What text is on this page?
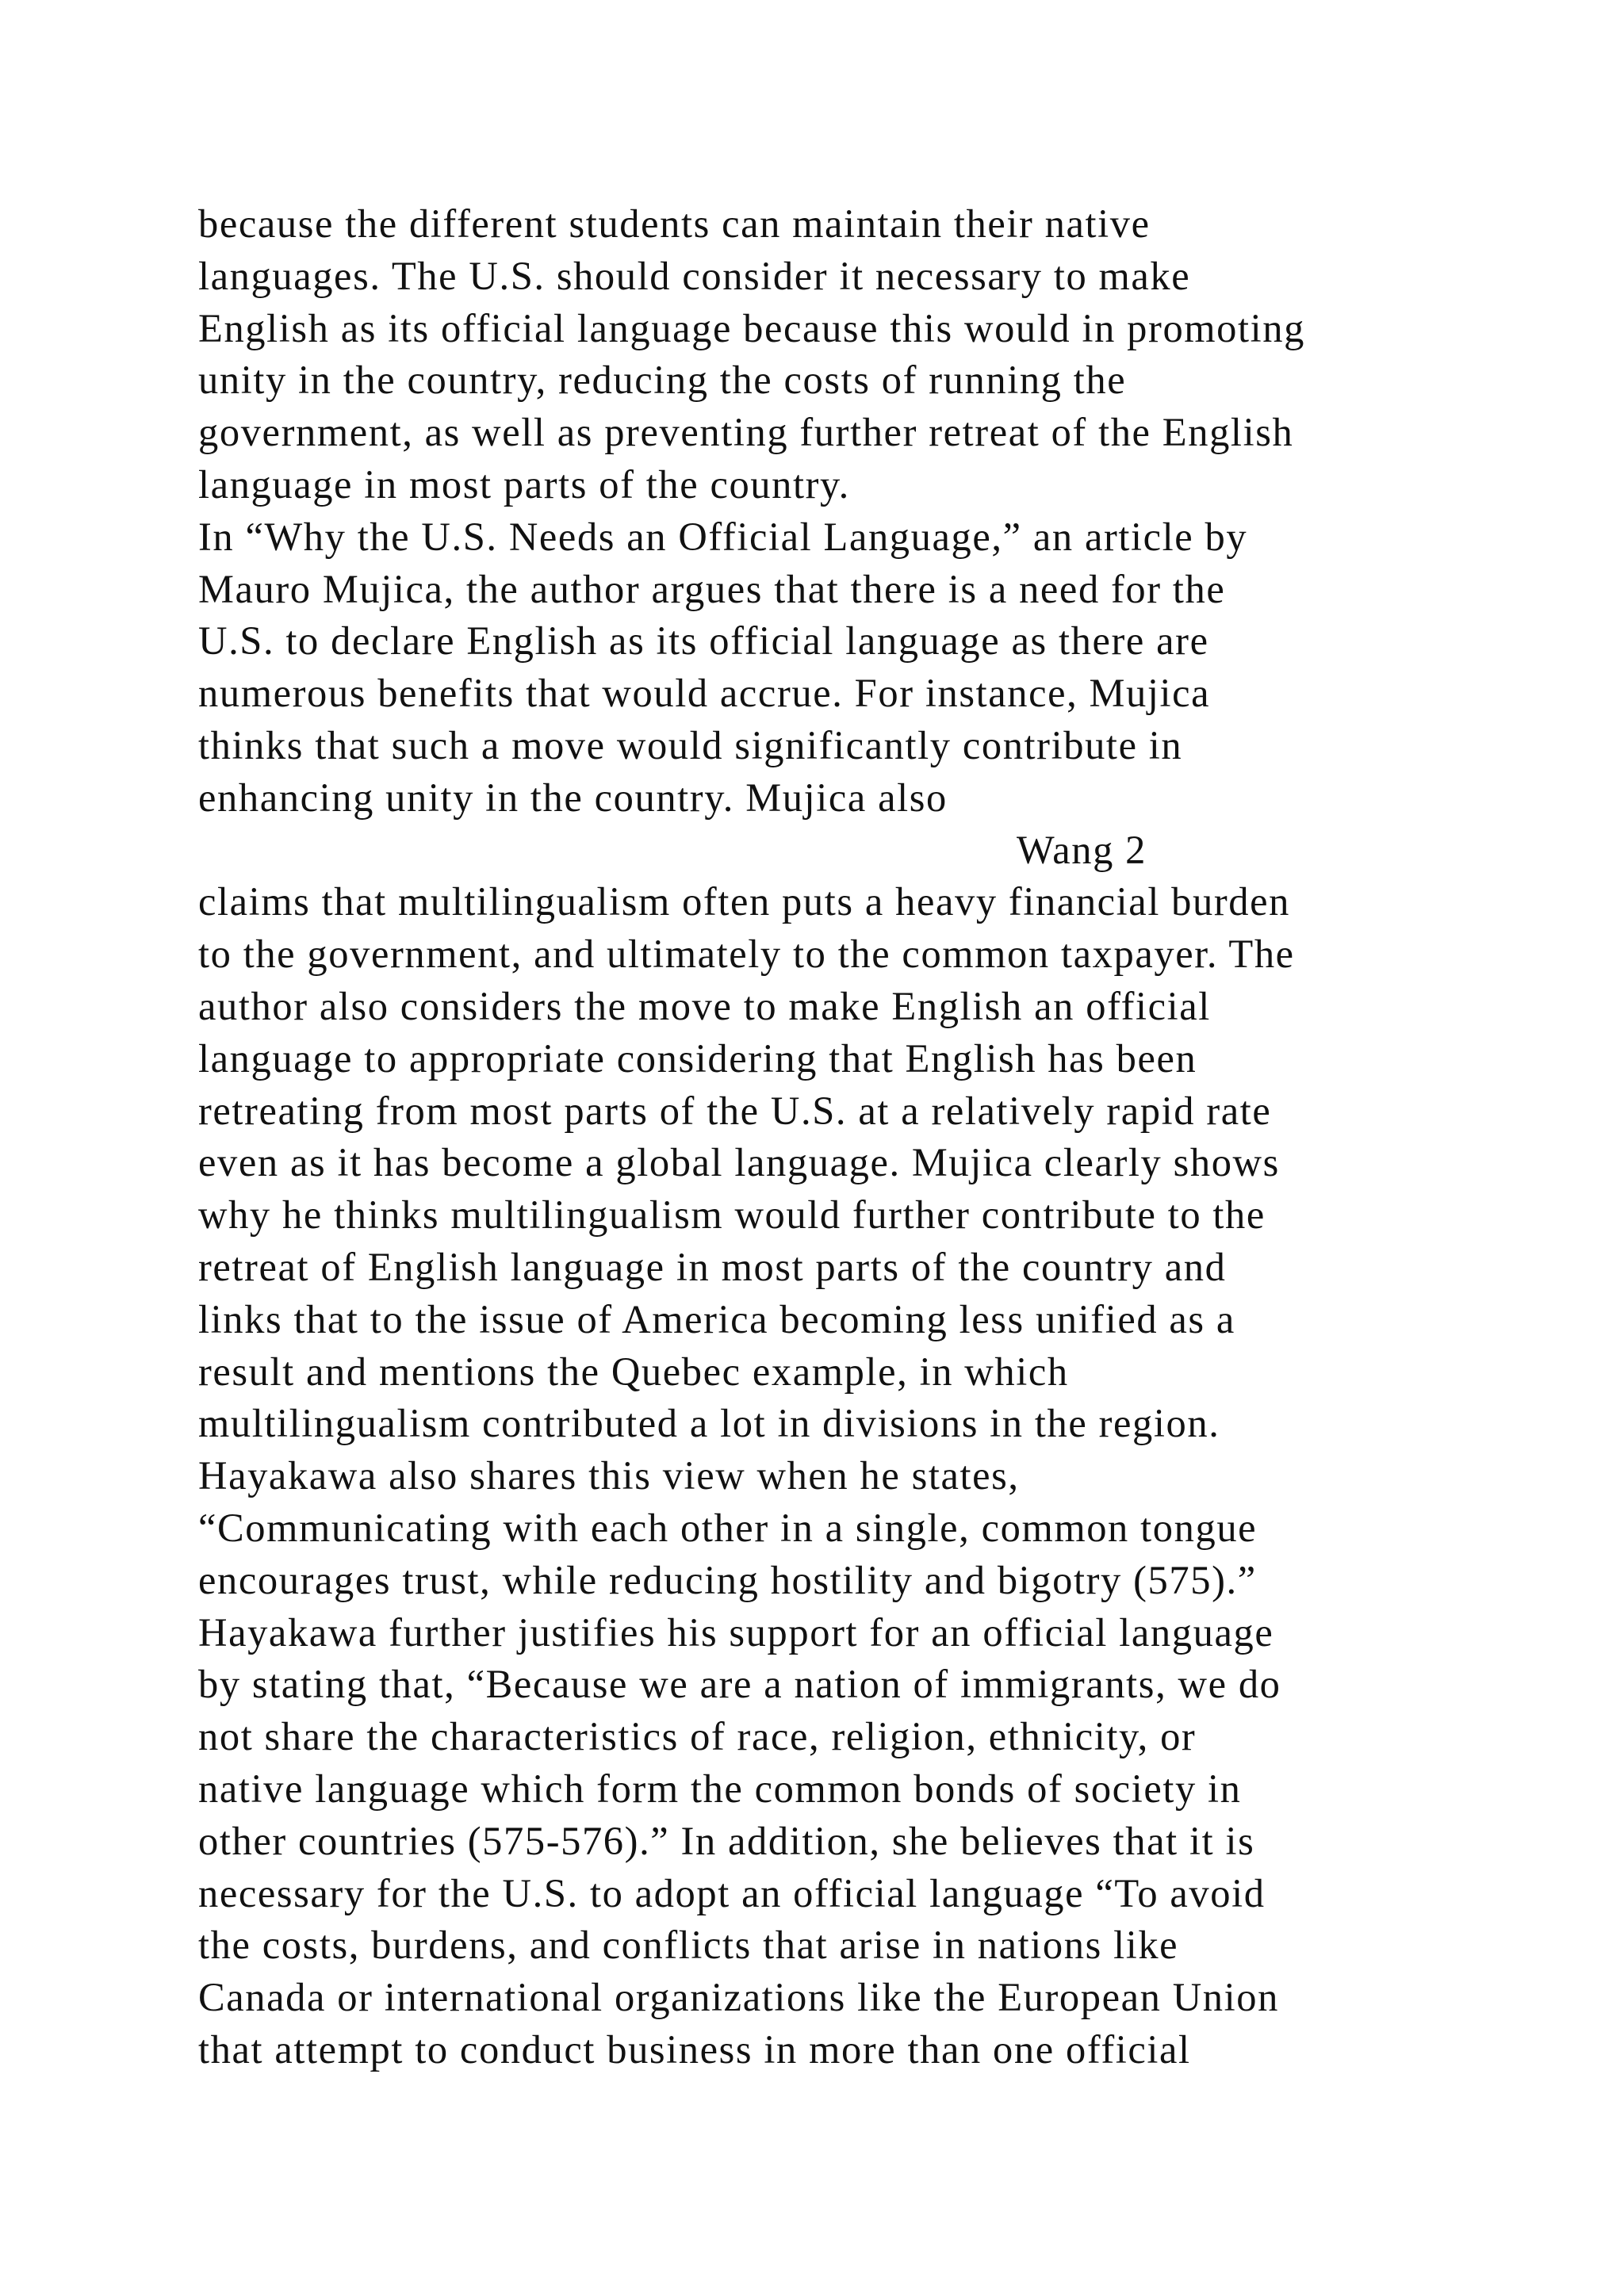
because the different students can maintain their native
languages. The U.S. should consider it necessary to make
English as its official language because this would in promoting
unity in the country, reducing the costs of running the
government, as well as preventing further retreat of the English
language in most parts of the country.
In “Why the U.S. Needs an Official Language,” an article by
Mauro Mujica, the author argues that there is a need for the
U.S. to declare English as its official language as there are
numerous benefits that would accrue. For instance, Mujica
thinks that such a move would significantly contribute in
enhancing unity in the country. Mujica also
Wang 2
claims that multilingualism often puts a heavy financial burden
to the government, and ultimately to the common taxpayer. The
author also considers the move to make English an official
language to appropriate considering that English has been
retreating from most parts of the U.S. at a relatively rapid rate
even as it has become a global language. Mujica clearly shows
why he thinks multilingualism would further contribute to the
retreat of English language in most parts of the country and
links that to the issue of America becoming less unified as a
result and mentions the Quebec example, in which
multilingualism contributed a lot in divisions in the region.
Hayakawa also shares this view when he states,
“Communicating with each other in a single, common tongue
encourages trust, while reducing hostility and bigotry (575).”
Hayakawa further justifies his support for an official language
by stating that, “Because we are a nation of immigrants, we do
not share the characteristics of race, religion, ethnicity, or
native language which form the common bonds of society in
other countries (575-576).” In addition, she believes that it is
necessary for the U.S. to adopt an official language “To avoid
the costs, burdens, and conflicts that arise in nations like
Canada or international organizations like the European Union
that attempt to conduct business in more than one official
